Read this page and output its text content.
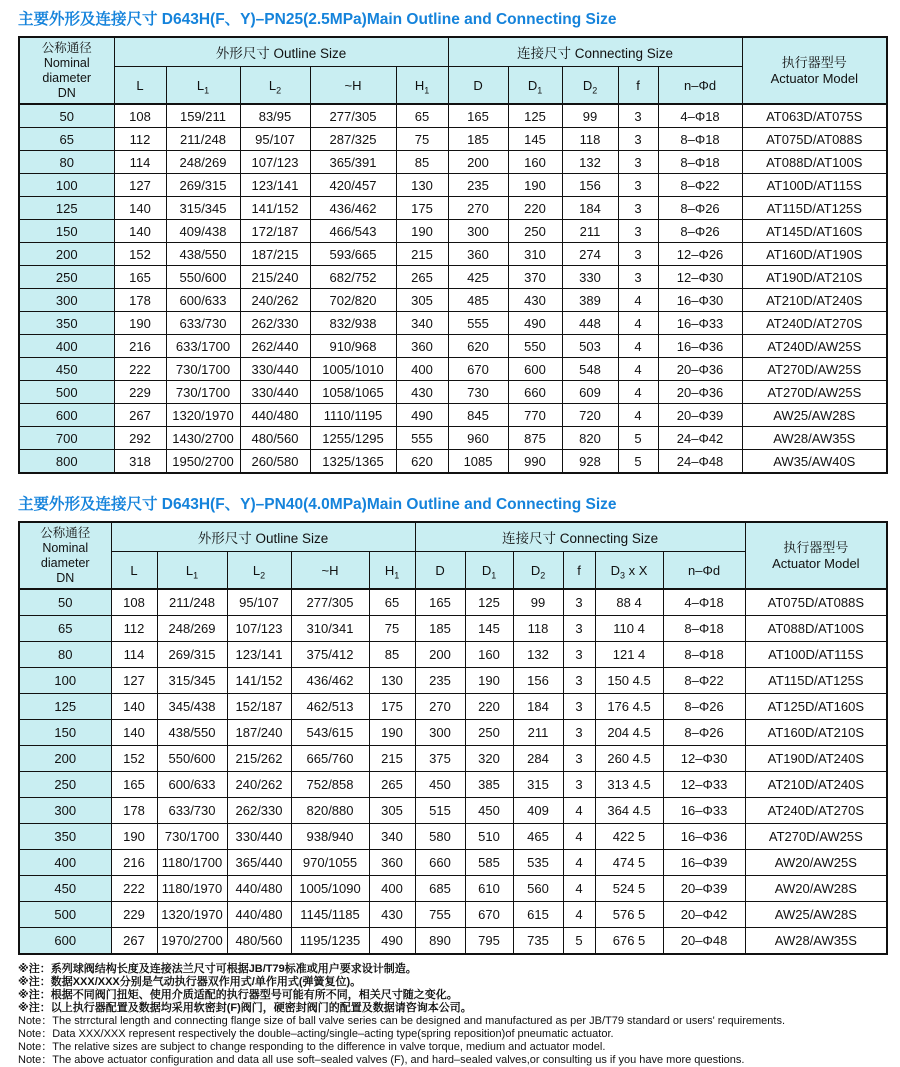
主要外形及连接尺寸 D643H(F、Y)–PN25(2.5MPa)Main Outline and Connecting Size
公称通径
Nominal
diameter
DN
	外形尺寸 Outline Size	连接尺寸 Connecting Size	
执行器型号
Actuator Model

	L	$L_1$	$L_2$	~H	$H_1$	D	$D_1$	$D_2$	f	n–Φd	
50	108	159/211	83/95	277/305	65	165	125	99	3	4–Φ18	AT063D/AT075S
65	112	211/248	95/107	287/325	75	185	145	118	3	8–Φ18	AT075D/AT088S
80	114	248/269	107/123	365/391	85	200	160	132	3	8–Φ18	AT088D/AT100S
100	127	269/315	123/141	420/457	130	235	190	156	3	8–Φ22	AT100D/AT115S
125	140	315/345	141/152	436/462	175	270	220	184	3	8–Φ26	AT115D/AT125S
150	140	409/438	172/187	466/543	190	300	250	211	3	8–Φ26	AT145D/AT160S
200	152	438/550	187/215	593/665	215	360	310	274	3	12–Φ26	AT160D/AT190S
250	165	550/600	215/240	682/752	265	425	370	330	3	12–Φ30	AT190D/AT210S
300	178	600/633	240/262	702/820	305	485	430	389	4	16–Φ30	AT210D/AT240S
350	190	633/730	262/330	832/938	340	555	490	448	4	16–Φ33	AT240D/AT270S
400	216	633/1700	262/440	910/968	360	620	550	503	4	16–Φ36	AT240D/AW25S
450	222	730/1700	330/440	1005/1010	400	670	600	548	4	20–Φ36	AT270D/AW25S
500	229	730/1700	330/440	1058/1065	430	730	660	609	4	20–Φ36	AT270D/AW25S
600	267	1320/1970	440/480	1110/1195	490	845	770	720	4	20–Φ39	AW25/AW28S
700	292	1430/2700	480/560	1255/1295	555	960	875	820	5	24–Φ42	AW28/AW35S
800	318	1950/2700	260/580	1325/1365	620	1085	990	928	5	24–Φ48	AW35/AW40S
主要外形及连接尺寸 D643H(F、Y)–PN40(4.0MPa)Main Outline and Connecting Size
公称通径
Nominal
diameter
DN
	外形尺寸 Outline Size	连接尺寸 Connecting Size	
执行器型号
Actuator Model

	L	$L_1$	$L_2$	~H	$H_1$	D	$D_1$	$D_2$	f	$D_3$ x X	n–Φd	
50	108	211/248	95/107	277/305	65	165	125	99	3	88 4	4–Φ18	AT075D/AT088S
65	112	248/269	107/123	310/341	75	185	145	118	3	110 4	8–Φ18	AT088D/AT100S
80	114	269/315	123/141	375/412	85	200	160	132	3	121 4	8–Φ18	AT100D/AT115S
100	127	315/345	141/152	436/462	130	235	190	156	3	150 4.5	8–Φ22	AT115D/AT125S
125	140	345/438	152/187	462/513	175	270	220	184	3	176 4.5	8–Φ26	AT125D/AT160S
150	140	438/550	187/240	543/615	190	300	250	211	3	204 4.5	8–Φ26	AT160D/AT210S
200	152	550/600	215/262	665/760	215	375	320	284	3	260 4.5	12–Φ30	AT190D/AT240S
250	165	600/633	240/262	752/858	265	450	385	315	3	313 4.5	12–Φ33	AT210D/AT240S
300	178	633/730	262/330	820/880	305	515	450	409	4	364 4.5	16–Φ33	AT240D/AT270S
350	190	730/1700	330/440	938/940	340	580	510	465	4	422 5	16–Φ36	AT270D/AW25S
400	216	1180/1700	365/440	970/1055	360	660	585	535	4	474 5	16–Φ39	AW20/AW25S
450	222	1180/1970	440/480	1005/1090	400	685	610	560	4	524 5	20–Φ39	AW20/AW28S
500	229	1320/1970	440/480	1145/1185	430	755	670	615	4	576 5	20–Φ42	AW25/AW28S
600	267	1970/2700	480/560	1195/1235	490	890	795	735	5	676 5	20–Φ48	AW28/AW35S
※注：系列球阀结构长度及连接法兰尺寸可根据JB/T79标准或用户要求设计制造。
※注：数据XXX/XXX分别是气动执行器双作用式/单作用式(弹簧复位)。
※注：根据不同阀门扭矩、使用介质适配的执行器型号可能有所不同，相关尺寸随之变化。
※注：以上执行器配置及数据均采用软密封(F)阀门，硬密封阀门的配置及数据请咨询本公司。
Note：The strrctural length and connecting flange size of ball valve series can be designed and manufactured as per JB/T79 standard or users' requirements.
Note：Data XXX/XXX represent respectively the double–acting/single–acting type(spring reposition)of pneumatic actuator.
Note：The relative sizes are subject to change responding to the difference in valve torque, medium and actuator model.
Note：The above actuator configuration and data all use soft–sealed valves (F), and hard–sealed valves,or consulting us if you have more questions.
